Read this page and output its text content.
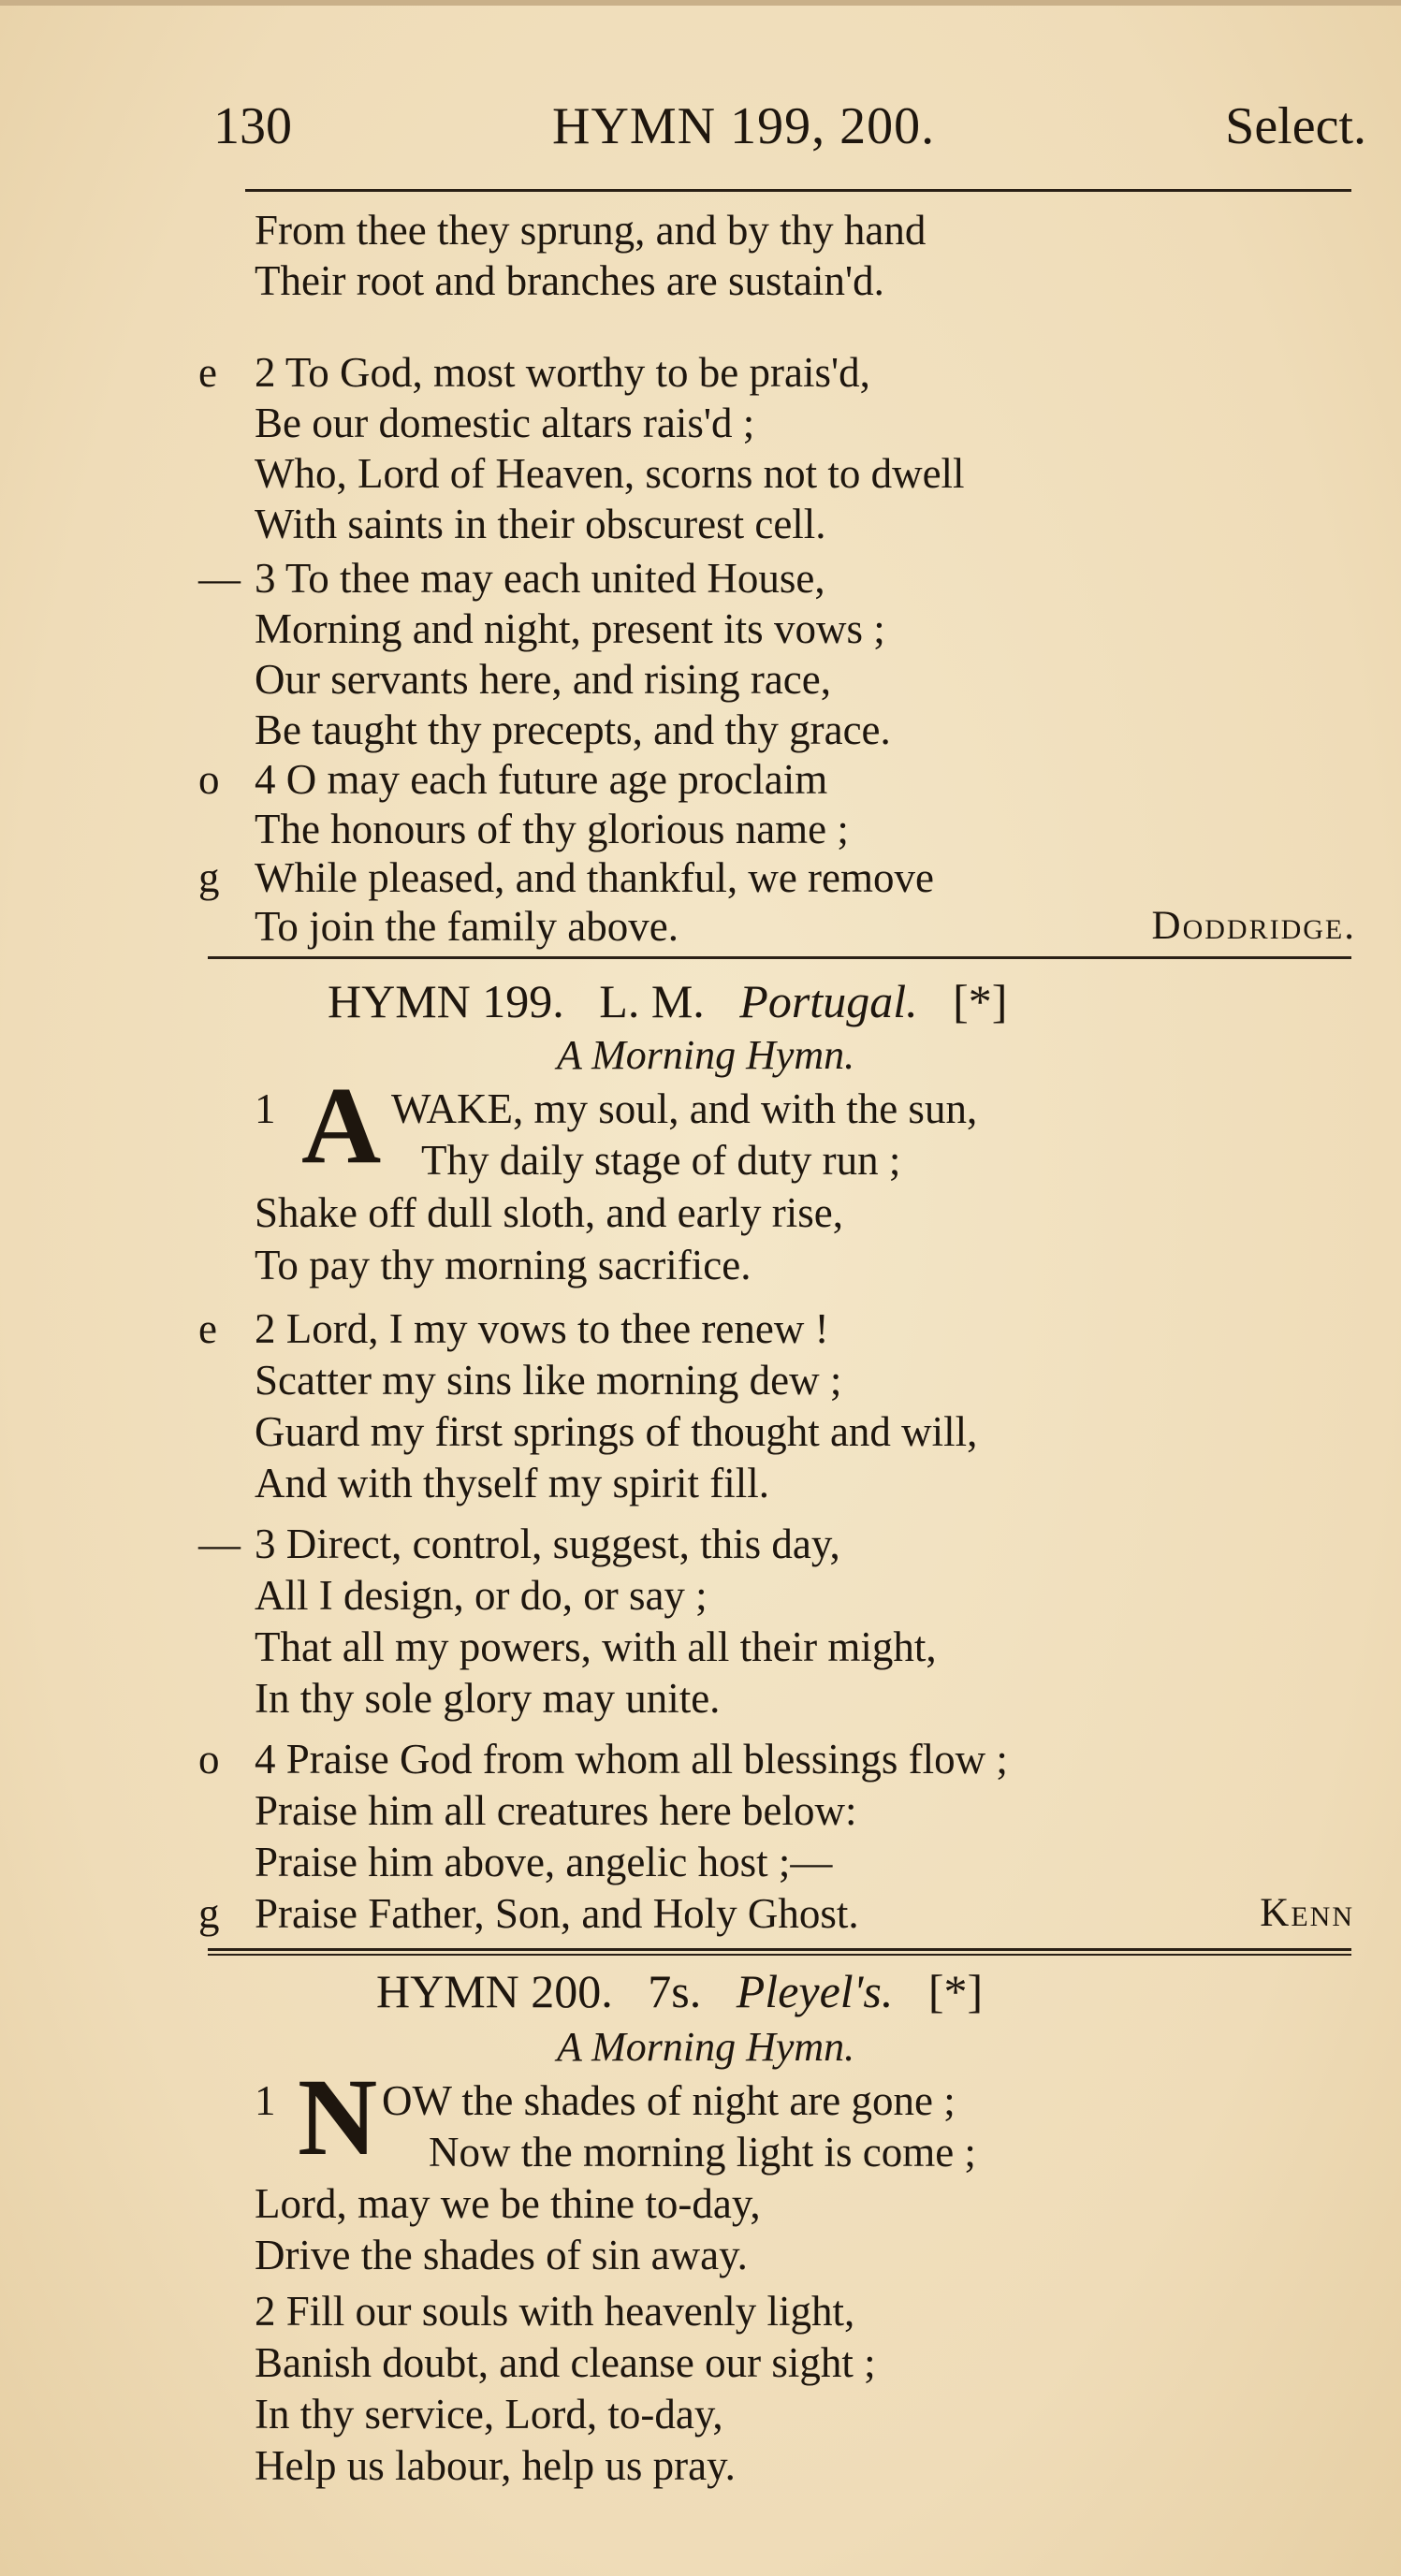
130	HYMN 199, 200.	Select.
e
—
o
g
From thee they sprung, and by thy hand
Their root and branches are sustain'd.
2 To God, most worthy to be prais'd,
Be our domestic altars rais'd ;
Who, Lord of Heaven, scorns not to dwell
With saints in their obscurest cell.
3 To thee may each united House,
Morning and night, present its vows ;
Our servants here, and rising race,
Be taught thy precepts, and thy grace.
4 O may each future age proclaim
The honours of thy glorious name ;
While pleased, and thankful, we remove
To join the family above.	Doddridge.
HYMN 199. L. M. Portugal. [*]
A Morning Hymn.
1 A WAKE, my soul, and with the sun,
Thy daily stage of duty run ;
Shake off dull sloth, and early rise,
To pay thy morning sacrifice.
e 2 Lord, I my vows to thee renew !
Scatter my sins like morning dew ;
Guard my first springs of thought and will,
And with thyself my spirit fill.
— 3 Direct, control, suggest, this day,
All I design, or do, or say ;
That all my powers, with all their might,
In thy sole glory may unite.
o 4 Praise God from whom all blessings flow ;
Praise him all creatures here below:
Praise him above, angelic host ;—
g Praise Father, Son, and Holy Ghost.	Kenn
HYMN 200. 7s. Pleyel's. [*]
A Morning Hymn.
1 N OW the shades of night are gone ;
Now the morning light is come ;
Lord, may we be thine to-day,
Drive the shades of sin away.
2 Fill our souls with heavenly light,
Banish doubt, and cleanse our sight ;
In thy service, Lord, to-day,
Help us labour, help us pray.
